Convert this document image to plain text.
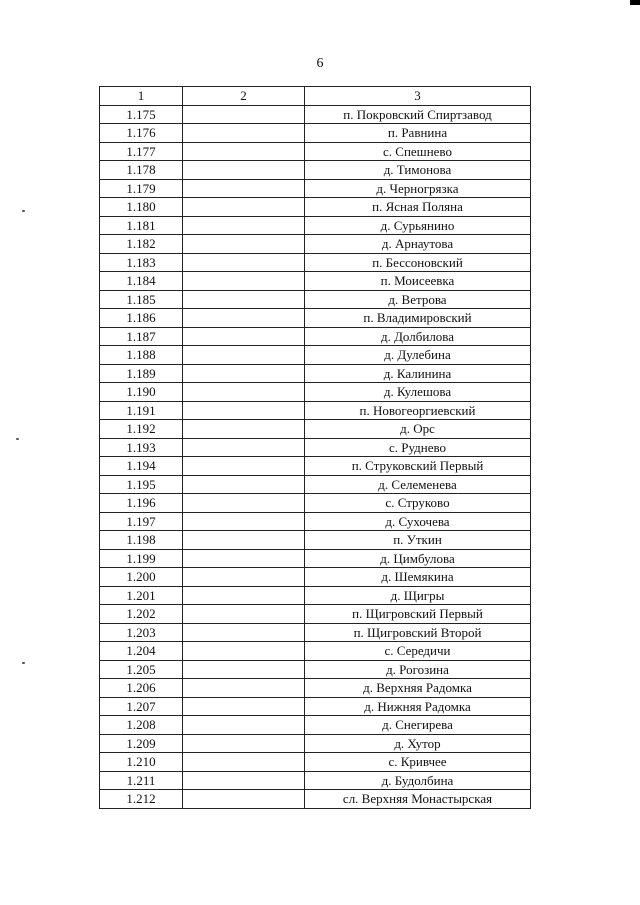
6
1	2	3
1.175		п. Покровский Спиртзавод
1.176		п. Равнина
1.177		с. Спешнево
1.178		д. Тимонова
1.179		д. Черногрязка
1.180		п. Ясная Поляна
1.181		д. Сурьянино
1.182		д. Арнаутова
1.183		п. Бессоновский
1.184		п. Моисеевка
1.185		д. Ветрова
1.186		п. Владимировский
1.187		д. Долбилова
1.188		д. Дулебина
1.189		д. Калинина
1.190		д. Кулешова
1.191		п. Новогеоргиевский
1.192		д. Орс
1.193		с. Руднево
1.194		п. Струковский Первый
1.195		д. Селеменева
1.196		с. Струково
1.197		д. Сухочева
1.198		п. Уткин
1.199		д. Цимбулова
1.200		д. Шемякина
1.201		д. Щигры
1.202		п. Щигровский Первый
1.203		п. Щигровский Второй
1.204		с. Середичи
1.205		д. Рогозина
1.206		д. Верхняя Радомка
1.207		д. Нижняя Радомка
1.208		д. Снегирева
1.209		д. Хутор
1.210		с. Кривчее
1.211		д. Будолбина
1.212		сл. Верхняя Монастырская
